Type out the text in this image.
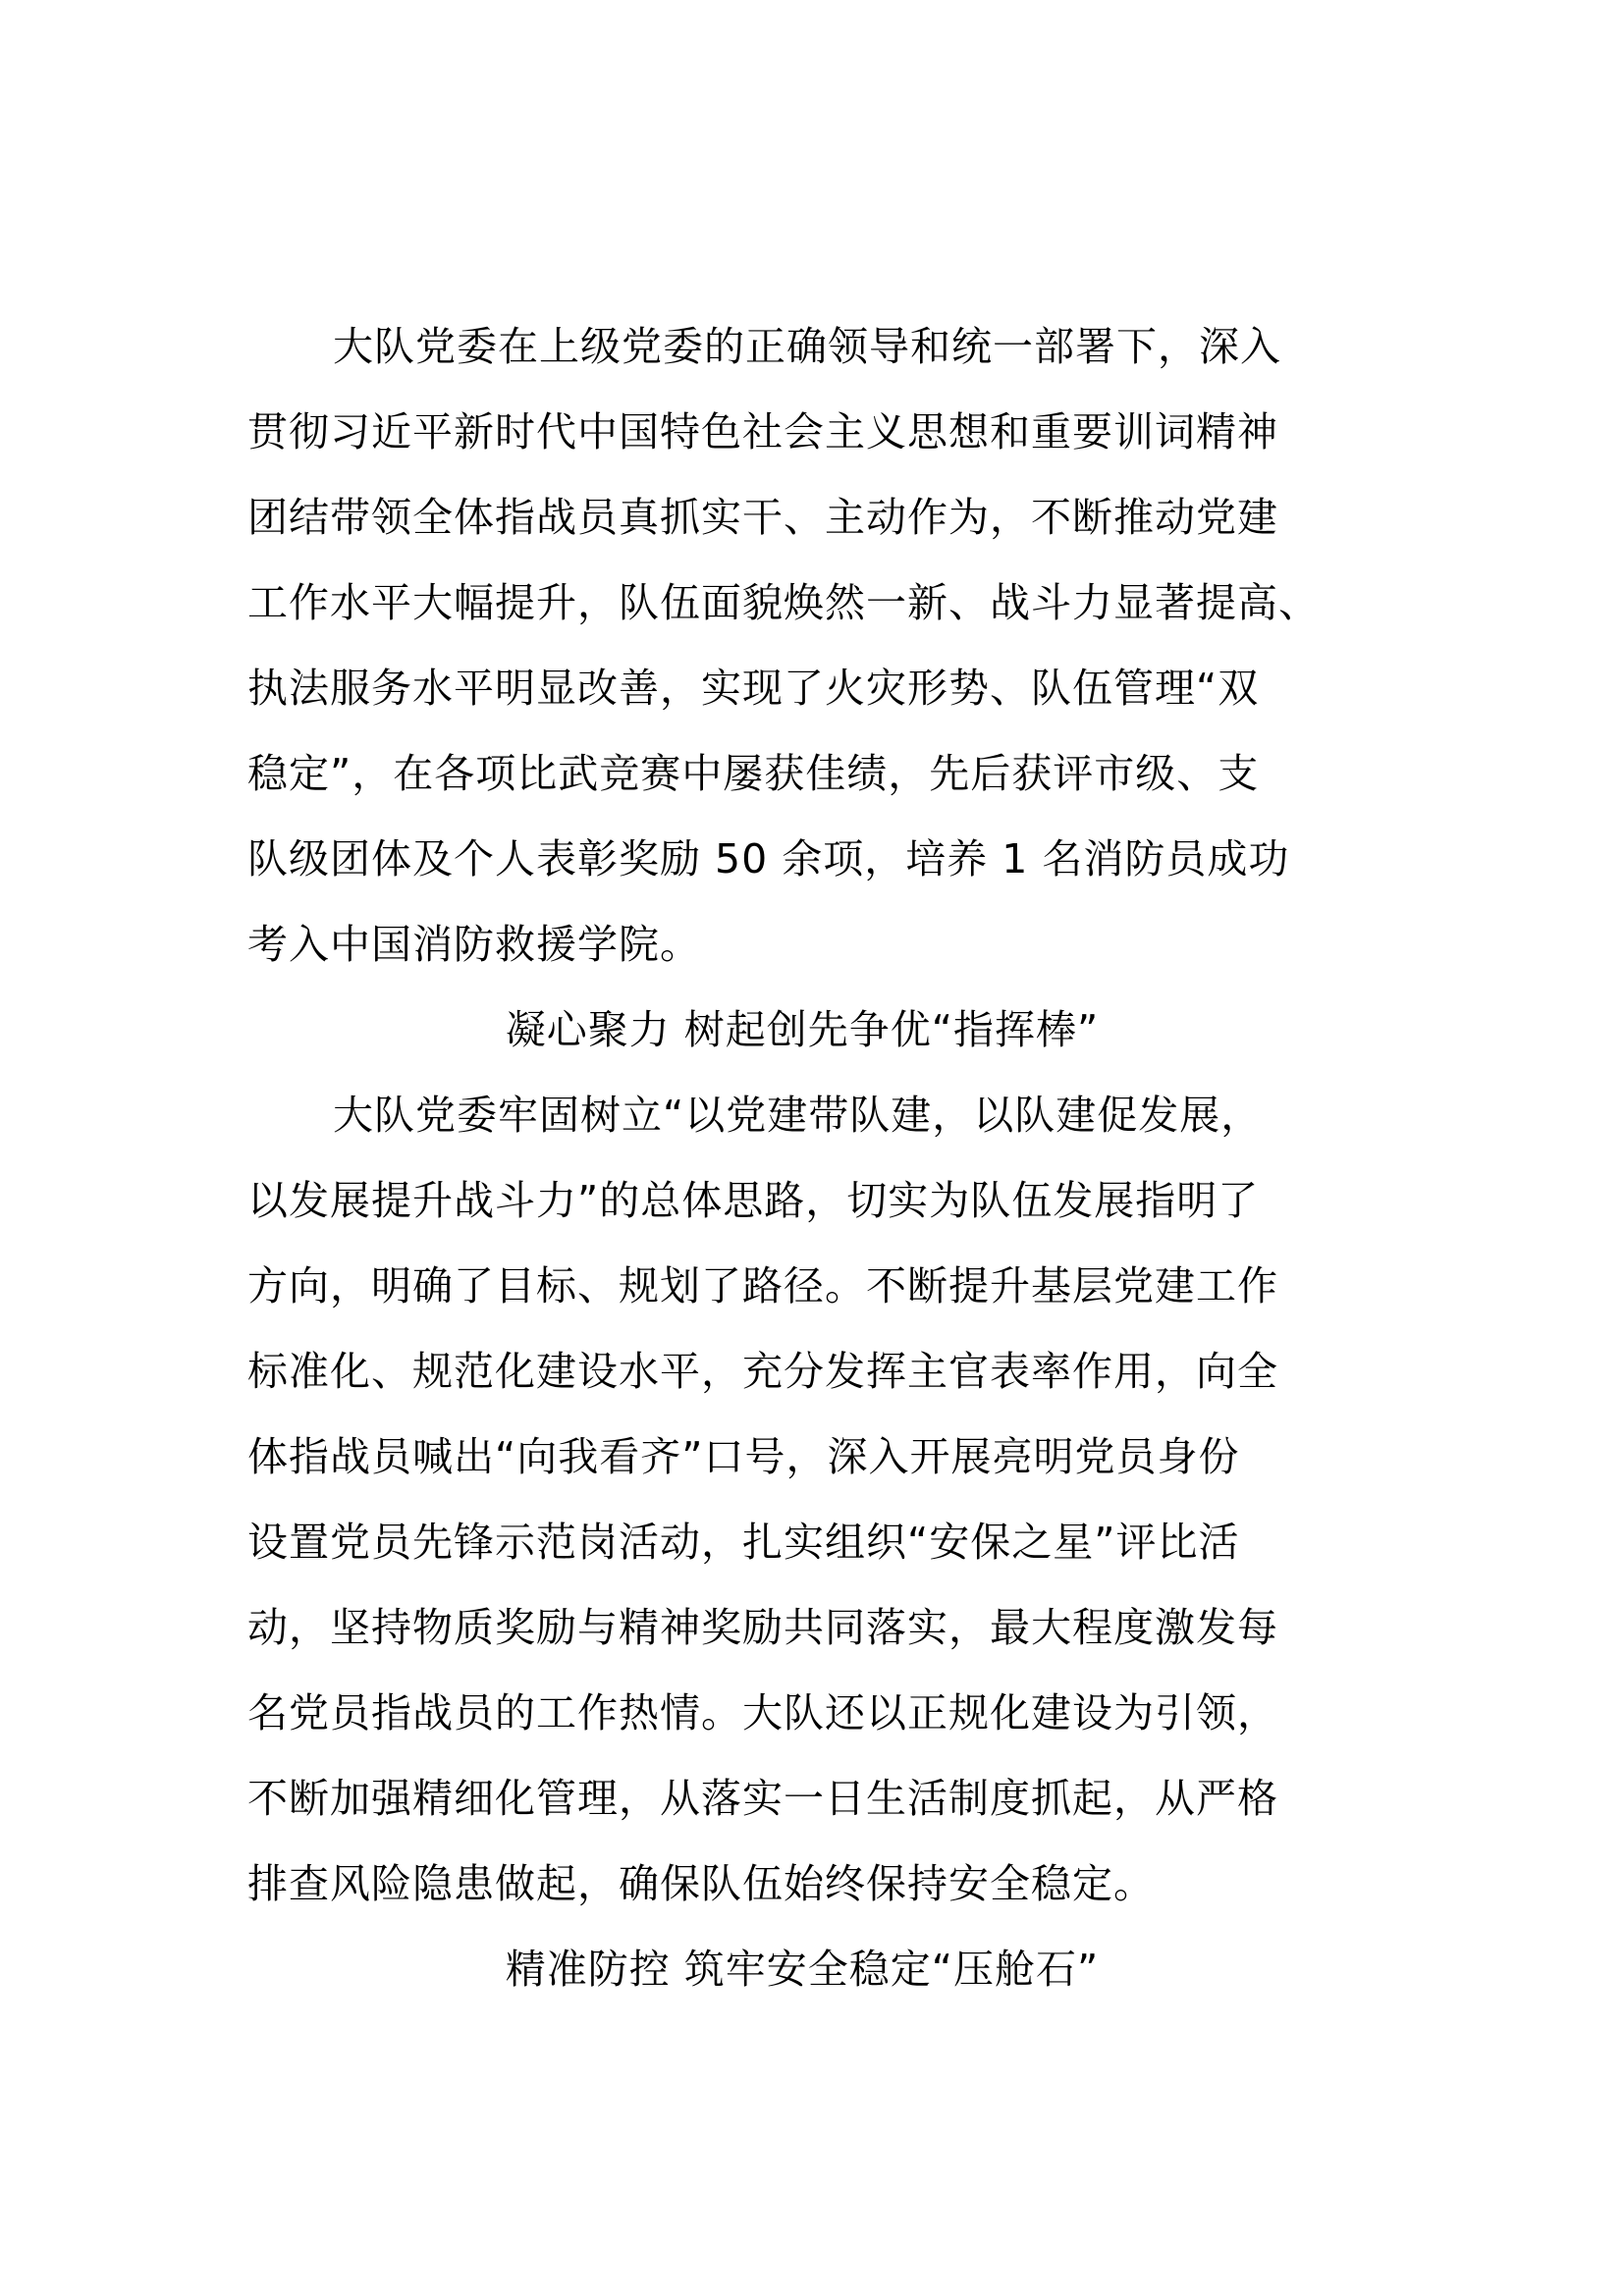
大队党委在上级党委的正确领导和统一部署下，深入
贯彻习近平新时代中国特色社会主义思想和重要训词精神
团结带领全体指战员真抓实干、主动作为，不断推动党建
工作水平大幅提升，队伍面貌焕然一新、战斗力显著提高、
执法服务水平明显改善，实现了火灾形势、队伍管理“双
稳定”，在各项比武竞赛中屡获佳绩，先后获评市级、支
队级团体及个人表彰奖励 50 余项，培养 1 名消防员成功
考入中国消防救援学院。
凝心聚力 树起创先争优“指挥棒”
大队党委牢固树立“以党建带队建，以队建促发展，
以发展提升战斗力”的总体思路，切实为队伍发展指明了
方向，明确了目标、规划了路径。不断提升基层党建工作
标准化、规范化建设水平，充分发挥主官表率作用，向全
体指战员喊出“向我看齐”口号，深入开展亮明党员身份
设置党员先锋示范岗活动，扎实组织“安保之星”评比活
动，坚持物质奖励与精神奖励共同落实，最大程度激发每
名党员指战员的工作热情。大队还以正规化建设为引领，
不断加强精细化管理，从落实一日生活制度抓起，从严格
排查风险隐患做起，确保队伍始终保持安全稳定。
精准防控 筑牢安全稳定“压舱石”
